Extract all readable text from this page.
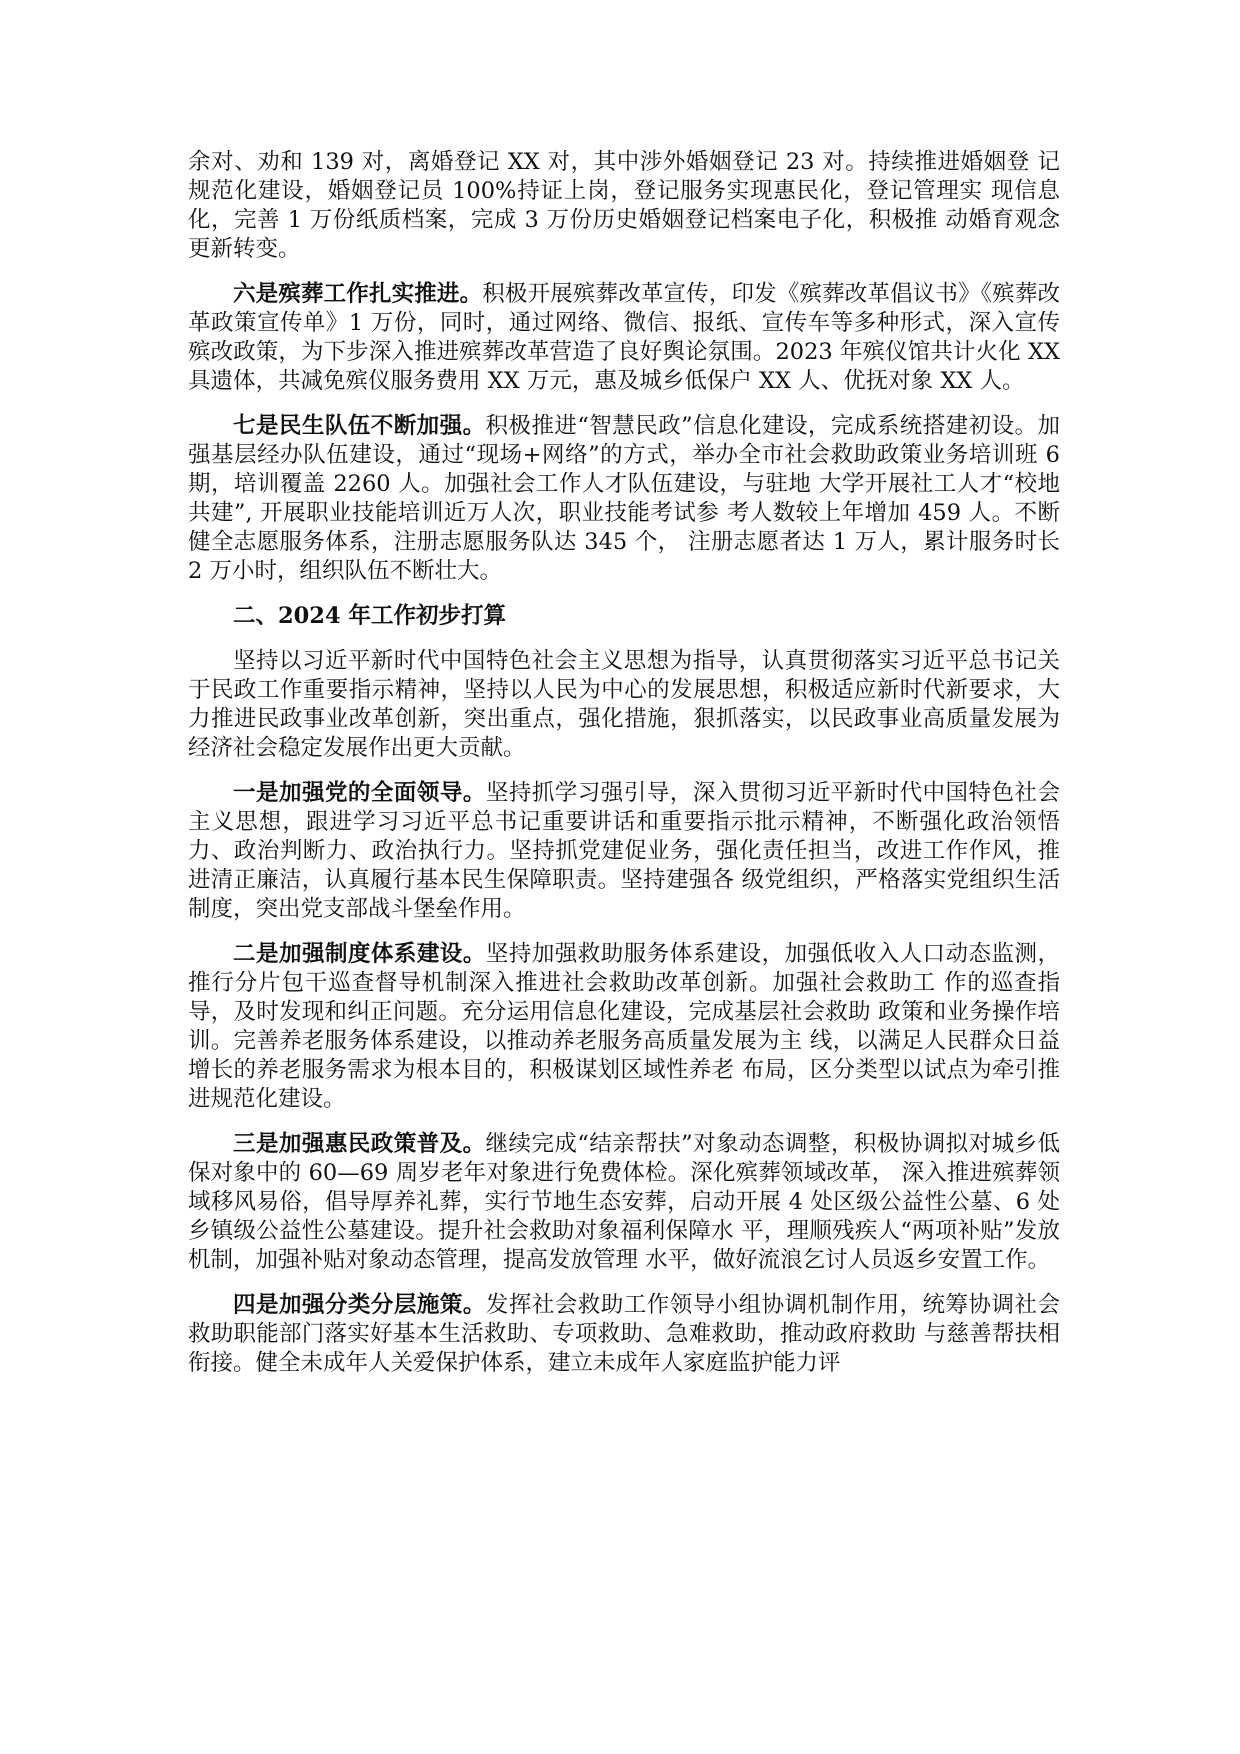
余对、劝和 139 对，离婚登记 XX 对，其中涉外婚姻登记 23 对。持续推进婚姻登 记规范化建设，婚姻登记员 100%持证上岗，登记服务实现惠民化，登记管理实 现信息化，完善 1 万份纸质档案，完成 3 万份历史婚姻登记档案电子化，积极推 动婚育观念更新转变。

六是殡葬工作扎实推进。积极开展殡葬改革宣传，印发《殡葬改革倡议书》《殡葬改革政策宣传单》1 万份，同时，通过网络、微信、报纸、宣传车等多种形式，深入宣传殡改政策，为下步深入推进殡葬改革营造了良好舆论氛围。2023 年殡仪馆共计火化 XX 具遗体，共减免殡仪服务费用 XX 万元，惠及城乡低保户 XX 人、优抚对象 XX 人。

七是民生队伍不断加强。积极推进“智慧民政”信息化建设，完成系统搭建初设。加强基层经办队伍建设，通过“现场+网络”的方式，举办全市社会救助政策业务培训班 6 期，培训覆盖 2260 人。加强社会工作人才队伍建设，与驻地 大学开展社工人才“校地共建”, 开展职业技能培训近万人次，职业技能考试参 考人数较上年增加 459 人。不断健全志愿服务体系，注册志愿服务队达 345 个， 注册志愿者达 1 万人，累计服务时长 2 万小时，组织队伍不断壮大。

二、2024 年工作初步打算

坚持以习近平新时代中国特色社会主义思想为指导，认真贯彻落实习近平总书记关于民政工作重要指示精神，坚持以人民为中心的发展思想，积极适应新时代新要求，大力推进民政事业改革创新，突出重点，强化措施，狠抓落实，以民政事业高质量发展为经济社会稳定发展作出更大贡献。

一是加强党的全面领导。坚持抓学习强引导，深入贯彻习近平新时代中国特色社会主义思想，跟进学习习近平总书记重要讲话和重要指示批示精神，不断强化政治领悟力、政治判断力、政治执行力。坚持抓党建促业务，强化责任担当，改进工作作风，推进清正廉洁，认真履行基本民生保障职责。坚持建强各 级党组织，严格落实党组织生活制度，突出党支部战斗堡垒作用。

二是加强制度体系建设。坚持加强救助服务体系建设，加强低收入人口动态监测，推行分片包干巡查督导机制深入推进社会救助改革创新。加强社会救助工 作的巡查指导，及时发现和纠正问题。充分运用信息化建设，完成基层社会救助 政策和业务操作培训。完善养老服务体系建设，以推动养老服务高质量发展为主 线，以满足人民群众日益增长的养老服务需求为根本目的，积极谋划区域性养老 布局，区分类型以试点为牵引推进规范化建设。

三是加强惠民政策普及。继续完成“结亲帮扶”对象动态调整，积极协调拟对城乡低保对象中的 60—69 周岁老年对象进行免费体检。深化殡葬领域改革， 深入推进殡葬领域移风易俗，倡导厚养礼葬，实行节地生态安葬，启动开展 4 处区级公益性公墓、6 处乡镇级公益性公墓建设。提升社会救助对象福利保障水 平，理顺残疾人“两项补贴”发放机制，加强补贴对象动态管理，提高发放管理 水平，做好流浪乞讨人员返乡安置工作。

四是加强分类分层施策。发挥社会救助工作领导小组协调机制作用，统筹协调社会救助职能部门落实好基本生活救助、专项救助、急难救助，推动政府救助 与慈善帮扶相衔接。健全未成年人关爱保护体系，建立未成年人家庭监护能力评
